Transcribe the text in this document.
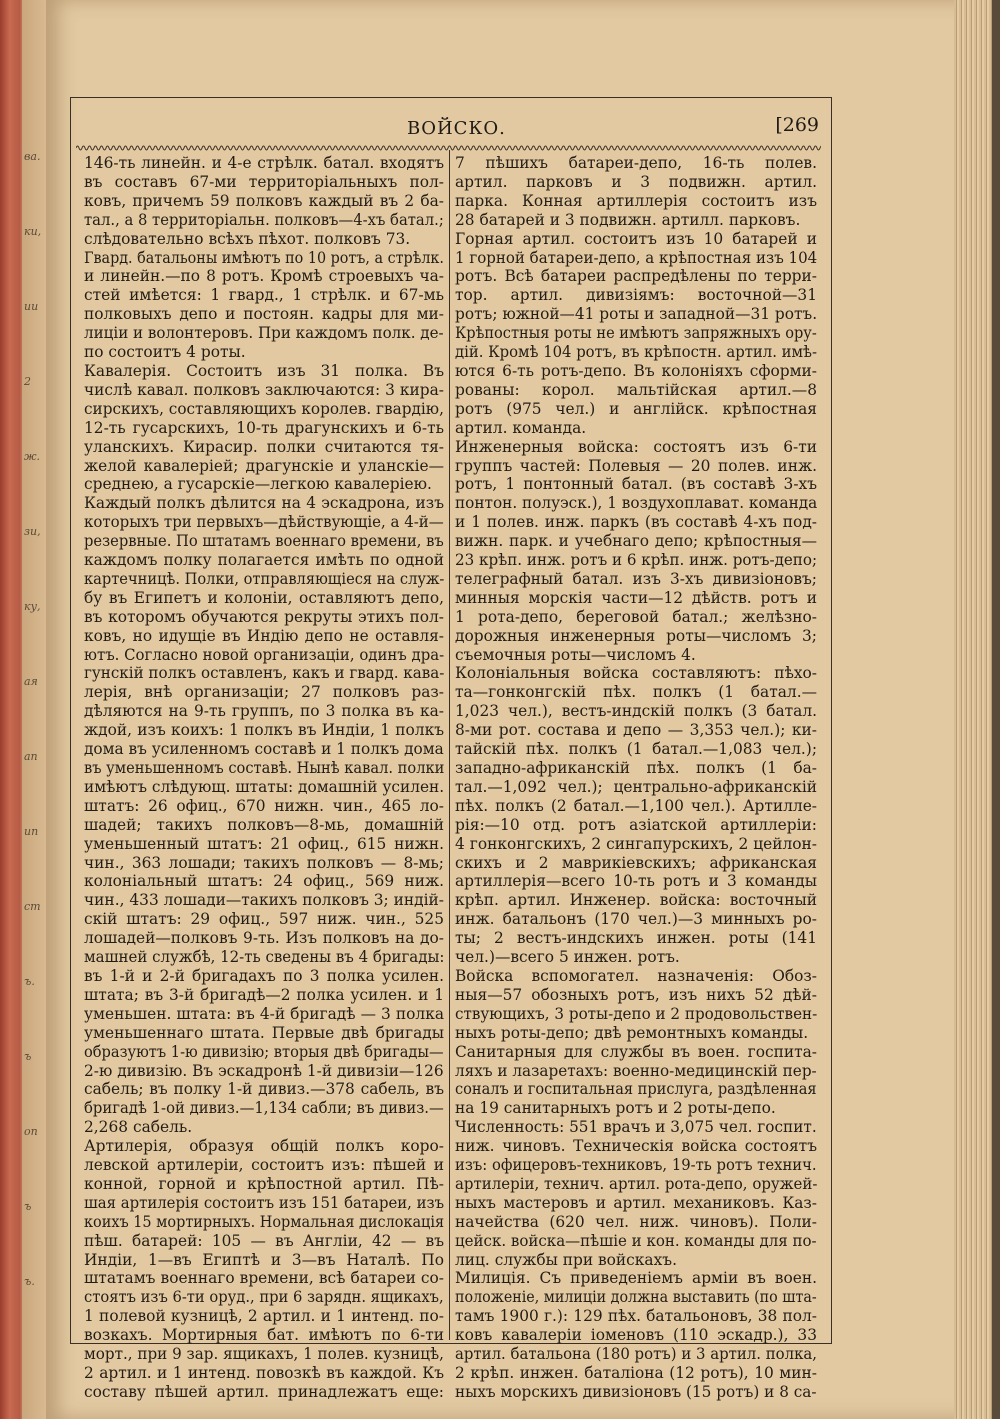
ва.
ки,
ии
2
ж.
зи,
ку,
ая
ап
ип
ст
ъ.
ъ
оп
ъ
ъ.
ВОЙСКО.	[269
146-ть линейн. и 4-е стрѣлк. батал. входятъ
въ составъ 67-ми территоріальныхъ пол-
ковъ, причемъ 59 полковъ каждый въ 2 ба-
тал., а 8 территоріальн. полковъ—4-хъ батал.;
слѣдовательно всѣхъ пѣхот. полковъ 73.
Гвард. батальоны имѣютъ по 10 ротъ, а стрѣлк.
и линейн.—по 8 ротъ. Кромѣ строевыхъ ча-
стей имѣется: 1 гвард., 1 стрѣлк. и 67-мь
полковыхъ депо и постоян. кадры для ми-
лиціи и волонтеровъ. При каждомъ полк. де-
по состоитъ 4 роты.
Кавалерія. Состоитъ изъ 31 полка. Въ
числѣ кавал. полковъ заключаются: 3 кира-
сирскихъ, составляющихъ королев. гвардію,
12-ть гусарскихъ, 10-ть драгунскихъ и 6-ть
уланскихъ. Кирасир. полки считаются тя-
желой кавалеріей; драгунскіе и уланскіе—
среднею, а гусарскіе—легкою кавалеріею.
Каждый полкъ дѣлится на 4 эскадрона, изъ
которыхъ три первыхъ—дѣйствующіе, а 4-й—
резервные. По штатамъ военнаго времени, въ
каждомъ полку полагается имѣть по одной
картечницѣ. Полки, отправляющіеся на служ-
бу въ Египетъ и колоніи, оставляютъ депо,
въ которомъ обучаются рекруты этихъ пол-
ковъ, но идущіе въ Индію депо не оставля-
ютъ. Согласно новой организаціи, одинъ дра-
гунскій полкъ оставленъ, какъ и гвард. кава-
лерія, внѣ организаціи; 27 полковъ раз-
дѣляются на 9-ть группъ, по 3 полка въ ка-
ждой, изъ коихъ: 1 полкъ въ Индіи, 1 полкъ
дома въ усиленномъ составѣ и 1 полкъ дома
въ уменьшенномъ составѣ. Нынѣ кавал. полки
имѣютъ слѣдующ. штаты: домашній усилен.
штатъ: 26 офиц., 670 нижн. чин., 465 ло-
шадей; такихъ полковъ—8-мь, домашній
уменьшенный штатъ: 21 офиц., 615 нижн.
чин., 363 лошади; такихъ полковъ — 8-мь;
колоніальный штатъ: 24 офиц., 569 ниж.
чин., 433 лошади—такихъ полковъ 3; индій-
скій штатъ: 29 офиц., 597 ниж. чин., 525
лошадей—полковъ 9-ть. Изъ полковъ на до-
машней службѣ, 12-ть сведены въ 4 бригады:
въ 1-й и 2-й бригадахъ по 3 полка усилен.
штата; въ 3-й бригадѣ—2 полка усилен. и 1
уменьшен. штата: въ 4-й бригадѣ — 3 полка
уменьшеннаго штата. Первые двѣ бригады
образуютъ 1-ю дивизію; вторыя двѣ бригады—
2-ю дивизію. Въ эскадронѣ 1-й дивизіи—126
сабель; въ полку 1-й дивиз.—378 сабель, въ
бригадѣ 1-ой дивиз.—1,134 сабли; въ дивиз.—
2,268 сабель.
Артилерія, образуя общій полкъ коро-
левской артилеріи, состоитъ изъ: пѣшей и
конной, горной и крѣпостной артил. Пѣ-
шая артилерія состоитъ изъ 151 батареи, изъ
коихъ 15 мортирныхъ. Нормальная дислокація
пѣш. батарей: 105 — въ Англіи, 42 — въ
Индіи, 1—въ Египтѣ и 3—въ Наталѣ. По
штатамъ военнаго времени, всѣ батареи со-
стоятъ изъ 6-ти оруд., при 6 зарядн. ящикахъ,
1 полевой кузницѣ, 2 артил. и 1 интенд. по-
возкахъ. Мортирныя бат. имѣютъ по 6-ти
морт., при 9 зар. ящикахъ, 1 полев. кузницѣ,
2 артил. и 1 интенд. повозкѣ въ каждой. Къ
составу пѣшей артил. принадлежатъ еще:
7 пѣшихъ батареи-депо, 16-ть полев.
артил. парковъ и 3 подвижн. артил.
парка. Конная артиллерія состоитъ изъ
28 батарей и 3 подвижн. артилл. парковъ.
Горная артил. состоитъ изъ 10 батарей и
1 горной батареи-депо, а крѣпостная изъ 104
ротъ. Всѣ батареи распредѣлены по терри-
тор. артил. дивизіямъ: восточной—31
ротъ; южной—41 роты и западной—31 ротъ.
Крѣпостныя роты не имѣютъ запряжныхъ ору-
дій. Кромѣ 104 ротъ, въ крѣпостн. артил. имѣ-
ются 6-ть ротъ-депо. Въ колоніяхъ сформи-
рованы: корол. мальтійская артил.—8
ротъ (975 чел.) и англійск. крѣпостная
артил. команда.
Инженерныя войска: состоятъ изъ 6-ти
группъ частей: Полевыя — 20 полев. инж.
ротъ, 1 понтонный батал. (въ составѣ 3-хъ
понтон. полуэск.), 1 воздухоплават. команда
и 1 полев. инж. паркъ (въ составѣ 4-хъ под-
вижн. парк. и учебнаго депо; крѣпостныя—
23 крѣп. инж. ротъ и 6 крѣп. инж. ротъ-депо;
телеграфный батал. изъ 3-хъ дивизіоновъ;
минныя морскія части—12 дѣйств. ротъ и
1 рота-депо, береговой батал.; желѣзно-
дорожныя инженерныя роты—числомъ 3;
съемочныя роты—числомъ 4.
Колоніальныя войска составляютъ: пѣхо-
та—гонконгскій пѣх. полкъ (1 батал.—
1,023 чел.), вестъ-индскій полкъ (3 батал.
8-ми рот. состава и депо — 3,353 чел.); ки-
тайскій пѣх. полкъ (1 батал.—1,083 чел.);
западно-африканскій пѣх. полкъ (1 ба-
тал.—1,092 чел.); центрально-африканскій
пѣх. полкъ (2 батал.—1,100 чел.). Артилле-
рія:—10 отд. ротъ азіатской артиллеріи:
4 гонконгскихъ, 2 сингапурскихъ, 2 цейлон-
скихъ и 2 маврикіевскихъ; африканская
артиллерія—всего 10-ть ротъ и 3 команды
крѣп. артил. Инженер. войска: восточный
инж. батальонъ (170 чел.)—3 минныхъ ро-
ты; 2 вестъ-индскихъ инжен. роты (141
чел.)—всего 5 инжен. ротъ.
Войска вспомогател. назначенія: Обоз-
ныя—57 обозныхъ ротъ, изъ нихъ 52 дѣй-
ствующихъ, 3 роты-депо и 2 продовольствен-
ныхъ роты-депо; двѣ ремонтныхъ команды.
Санитарныя для службы въ воен. госпита-
ляхъ и лазаретахъ: военно-медицинскій пер-
соналъ и госпитальная прислуга, раздѣленная
на 19 санитарныхъ ротъ и 2 роты-депо.
Численность: 551 врачъ и 3,075 чел. госпит.
ниж. чиновъ. Техническія войска состоятъ
изъ: офицеровъ-техниковъ, 19-ть ротъ технич.
артилеріи, технич. артил. рота-депо, оружей-
ныхъ мастеровъ и артил. механиковъ. Каз-
начейства (620 чел. ниж. чиновъ). Поли-
цейск. войска—пѣшіе и кон. команды для по-
лиц. службы при войскахъ.
Милиція. Съ приведеніемъ арміи въ воен.
положеніе, милиціи должна выставить (по шта-
тамъ 1900 г.): 129 пѣх. батальоновъ, 38 пол-
ковъ кавалеріи іоменовъ (110 эскадр.), 33
артил. батальона (180 ротъ) и 3 артил. полка,
2 крѣп. инжен. баталіона (12 ротъ), 10 мин-
ныхъ морскихъ дивизіоновъ (15 ротъ) и 8 са-
